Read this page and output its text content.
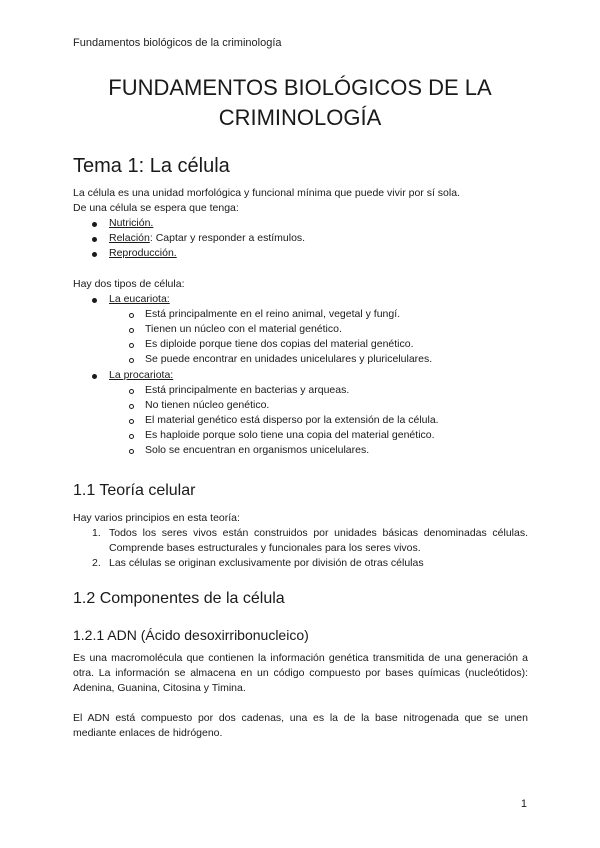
Fundamentos biológicos de la criminología
FUNDAMENTOS BIOLÓGICOS DE LA
CRIMINOLOGÍA
Tema 1: La célula
La célula es una unidad morfológica y funcional mínima que puede vivir por sí sola.
De una célula se espera que tenga:
Nutrición.
Relación: Captar y responder a estímulos.
Reproducción.
Hay dos tipos de célula:
La eucariota:
Está principalmente en el reino animal, vegetal y fungí.
Tienen un núcleo con el material genético.
Es diploide porque tiene dos copias del material genético.
Se puede encontrar en unidades unicelulares y pluricelulares.
La procariota:
Está principalmente en bacterias y arqueas.
No tienen núcleo genético.
El material genético está disperso por la extensión de la célula.
Es haploide porque solo tiene una copia del material genético.
Solo se encuentran en organismos unicelulares.
1.1 Teoría celular
Hay varios principios en esta teoría:
1. Todos los seres vivos están construidos por unidades básicas denominadas células. Comprende bases estructurales y funcionales para los seres vivos.
2. Las células se originan exclusivamente por división de otras células
1.2 Componentes de la célula
1.2.1 ADN (Ácido desoxirribonucleico)
Es una macromolécula que contienen la información genética transmitida de una generación a otra. La información se almacena en un código compuesto por bases químicas (nucleótidos): Adenina, Guanina, Citosina y Timina.
El ADN está compuesto por dos cadenas, una es la de la base nitrogenada que se unen mediante enlaces de hidrógeno.
1
